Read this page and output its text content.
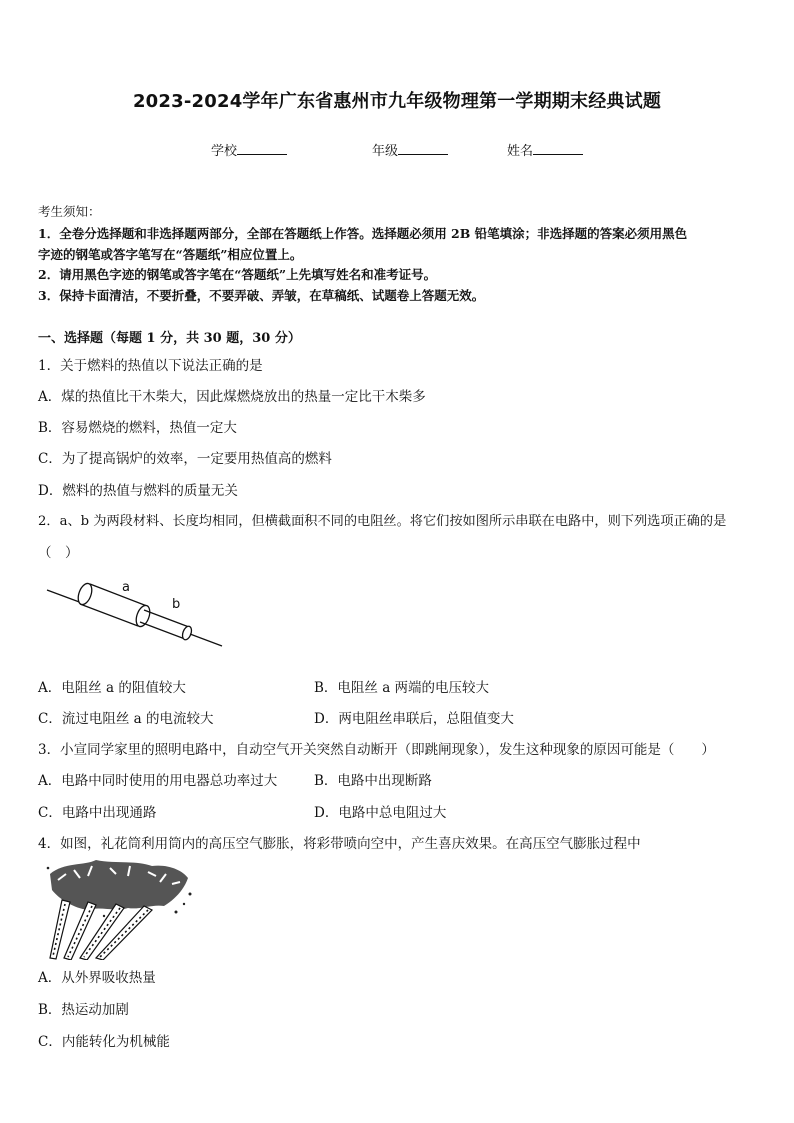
2023-2024学年广东省惠州市九年级物理第一学期期末经典试题
学校	年级	姓名
考生须知：
1．全卷分选择题和非选择题两部分，全部在答题纸上作答。选择题必须用 2B 铅笔填涂；非选择题的答案必须用黑色
字迹的钢笔或答字笔写在“答题纸”相应位置上。
2．请用黑色字迹的钢笔或答字笔在“答题纸”上先填写姓名和准考证号。
3．保持卡面清洁，不要折叠，不要弄破、弄皱，在草稿纸、试题卷上答题无效。
一、选择题（每题 1 分，共 30 题，30 分）
1．关于燃料的热值以下说法正确的是
A．煤的热值比干木柴大，因此煤燃烧放出的热量一定比干木柴多
B．容易燃烧的燃料，热值一定大
C．为了提高锅炉的效率，一定要用热值高的燃料
D．燃料的热值与燃料的质量无关
2．a、b 为两段材料、长度均相同，但横截面积不同的电阻丝。将它们按如图所示串联在电路中，则下列选项正确的是
（　）
a
b
A．电阻丝 a 的阻值较大	B．电阻丝 a 两端的电压较大
C．流过电阻丝 a 的电流较大	D．两电阻丝串联后，总阻值变大
3．小宣同学家里的照明电路中，自动空气开关突然自动断开（即跳闸现象），发生这种现象的原因可能是（　　）
A．电路中同时使用的用电器总功率过大	B．电路中出现断路
C．电路中出现通路	D．电路中总电阻过大
4．如图，礼花筒利用筒内的高压空气膨胀，将彩带喷向空中，产生喜庆效果。在高压空气膨胀过程中
A．从外界吸收热量
B．热运动加剧
C．内能转化为机械能
